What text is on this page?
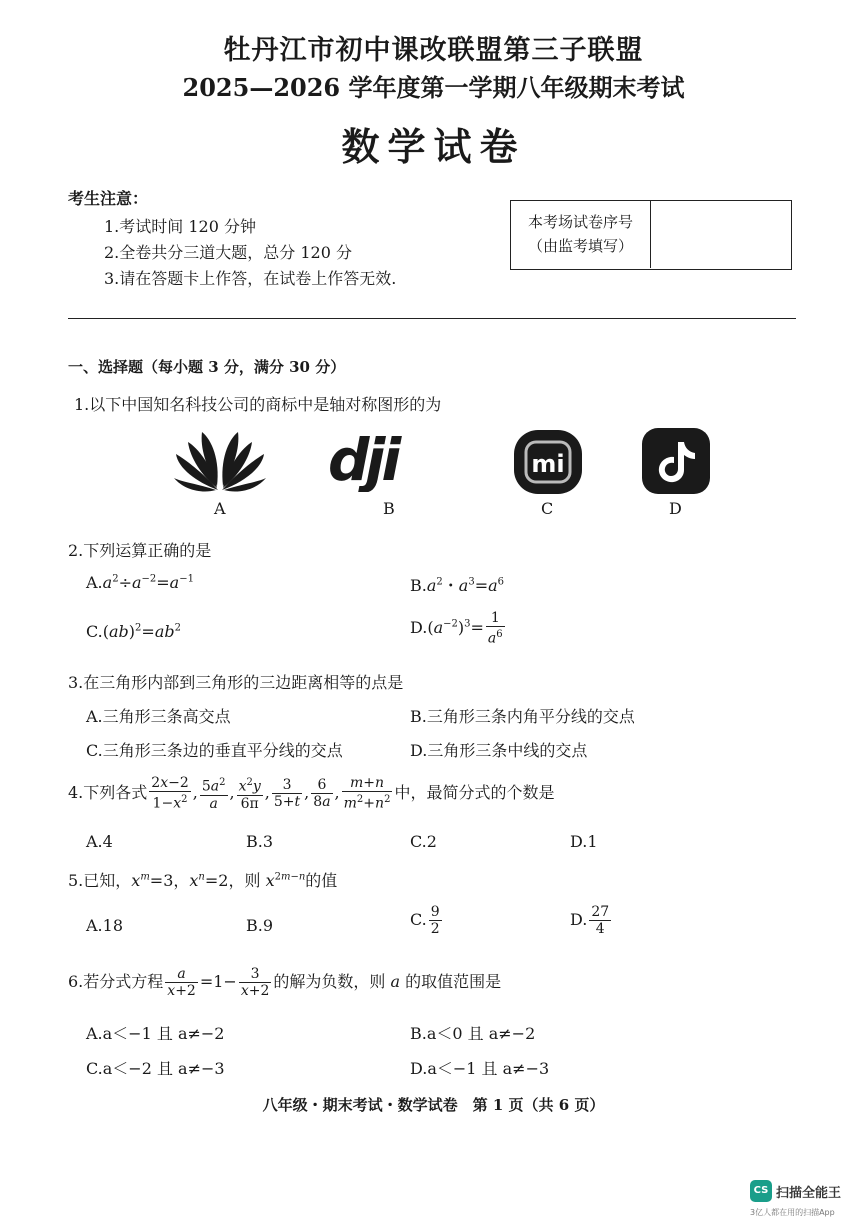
牡丹江市初中课改联盟第三子联盟
2025—2026 学年度第一学期八年级期末考试
数学试卷
考生注意：
1.考试时间 120 分钟
2.全卷共分三道大题，总分 120 分
3.请在答题卡上作答，在试卷上作答无效.
本考场试卷序号
（由监考填写）
一、选择题（每小题 3 分，满分 30 分）
1.以下中国知名科技公司的商标中是轴对称图形的为
dji	mi
A	B	C	D
2.下列运算正确的是
$A.a^2\div a^{-2}=a^{-1}$	$B.a^2$・$a^3=a^6$
$C.(ab)^2=ab^2$	$D.(a^{-2})^3= \frac{1}{a^6}$
3.在三角形内部到三角形的三边距离相等的点是
A.三角形三条高交点	B.三角形三条内角平分线的交点
C.三角形三条边的垂直平分线的交点	D.三角形三条中线的交点
4.下列各式 $\frac{2x-2}{1-x^2}$ , $\frac{5a^2}{a}$ , $\frac{x^2y}{6\pi}$ , $\frac{3}{5+t}$ , $\frac{6}{8a}$ , $\frac{m+n}{m^2+n^2}$ 中，最简分式的个数是
A.4	B.3	C.2	D.1
5.已知，$x^m=3$，$x^n=2$，则 $x^{2m-n}$的值
A.18	B.9	C. $\frac{9}{2}$	D. $\frac{27}{4}$
6.若分式方程 $\frac{a}{x+2} =1- \frac{3}{x+2}$ 的解为负数，则 a 的取值范围是
A.a＜−1 且 a≠−2	B.a＜0 且 a≠−2
C.a＜−2 且 a≠−3	D.a＜−1 且 a≠−3
八年级・期末考试・数学试卷　第 1 页（共 6 页）
CS 扫描全能王
3亿人都在用的扫描App
